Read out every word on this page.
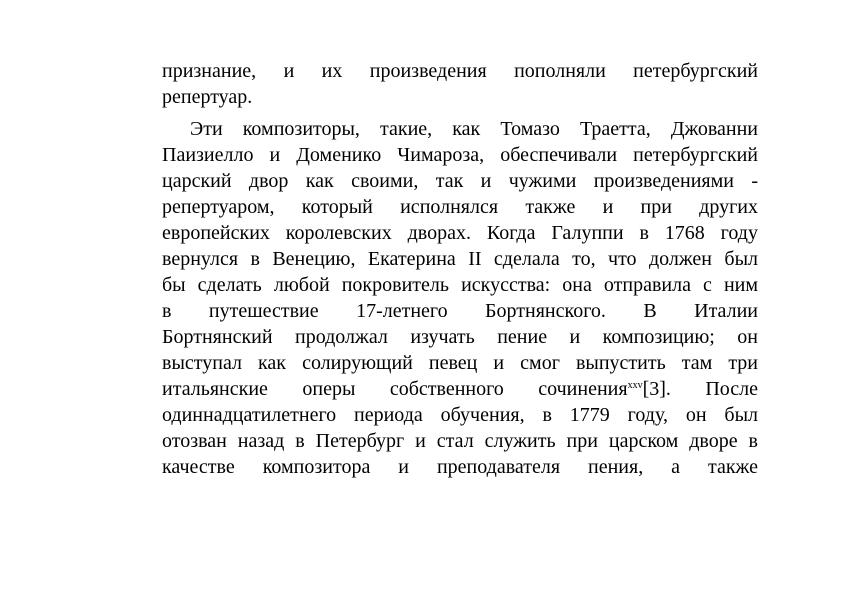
признание, и их произведения пополняли петербургский
репертуар.
Эти композиторы, такие, как Томазо Траетта, Джованни
Паизиелло и Доменико Чимароза, обеспечивали петербургский
царский двор как своими, так и чужими произведениями -
репертуаром, который исполнялся также и при других
европейских королевских дворах. Когда Галуппи в 1768 году
вернулся в Венецию, Екатерина II сделала то, что должен был
бы сделать любой покровитель искусства: она отправила с ним
в путешествие 17-летнего Бортнянского. В Италии
Бортнянский продолжал изучать пение и композицию; он
выступал как солирующий певец и смог выпустить там три
итальянские оперы собственного сочинения$^{xxv}$[3]. После
одиннадцатилетнего периода обучения, в 1779 году, он был
отозван назад в Петербург и стал служить при царском дворе в
качестве композитора и преподавателя пения, а также
